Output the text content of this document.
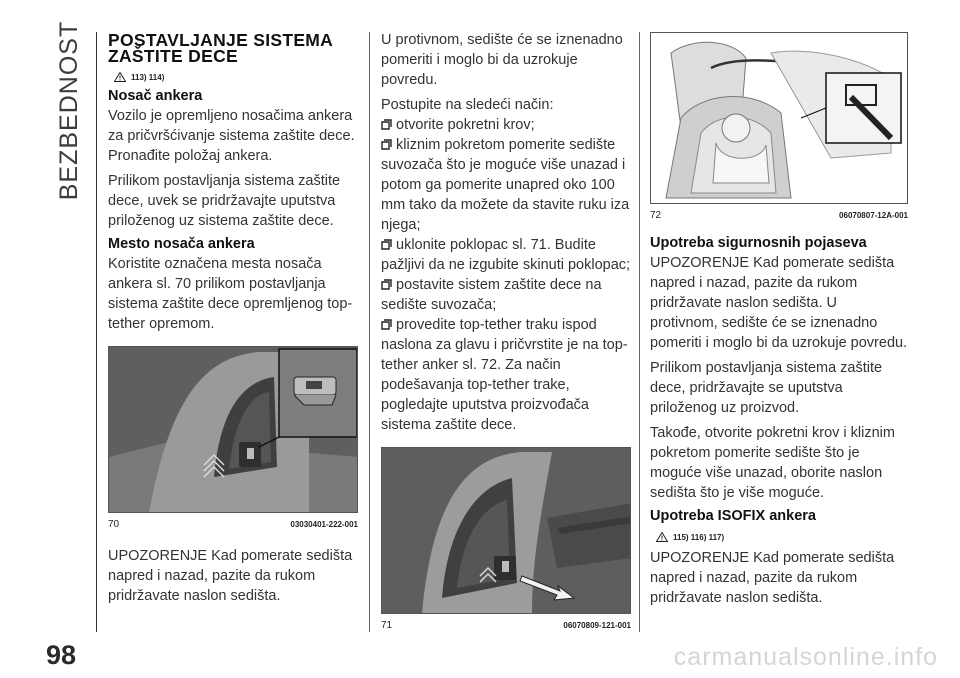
BEZBEDNOST
98	carmanualsonline.info
POSTAVLJANJE SISTEMA ZAŠTITE DECE
113) 114)
Nosač ankera

Vozilo je opremljeno nosačima ankera za pričvršćivanje sistema zaštite dece. Pronađite položaj ankera.

Prilikom postavljanja sistema zaštite dece, uvek se pridržavajte uputstva priloženog uz sistema zaštite dece.

Mesto nosača ankera

Koristite označena mesta nosača ankera sl. 70 prilikom postavljanja sistema zaštite dece opremljenog top-tether opremom.

70	03030401-222-001

UPOZORENJE Kad pomerate sedišta napred i nazad, pazite da rukom pridržavate naslon sedišta.

U protivnom, sedište će se iznenadno pomeriti i moglo bi da uzrokuje povredu.

Postupite na sledeći način:

otvorite pokretni krov;
kliznim pokretom pomerite sedište suvozača što je moguće više unazad i potom ga pomerite unapred oko 100 mm tako da možete da stavite ruku iza njega;
uklonite poklopac sl. 71. Budite pažljivi da ne izgubite skinuti poklopac;
postavite sistem zaštite dece na sedište suvozača;
provedite top-tether traku ispod naslona za glavu i pričvrstite je na top-tether anker sl. 72. Za način podešavanja top-tether trake, pogledajte uputstva proizvođača sistema zaštite dece.
71	06070809-121-001
72	06070807-12A-001
Upotreba sigurnosnih pojaseva

UPOZORENJE Kad pomerate sedišta napred i nazad, pazite da rukom pridržavate naslon sedišta. U protivnom, sedište će se iznenadno pomeriti i moglo bi da uzrokuje povredu.

Prilikom postavljanja sistema zaštite dece, pridržavajte se uputstva priloženog uz proizvod.

Takođe, otvorite pokretni krov i kliznim pokretom pomerite sedište što je moguće više unazad, oborite naslon sedišta što je više moguće.

Upotreba ISOFIX ankera
115) 116) 117)

UPOZORENJE Kad pomerate sedišta napred i nazad, pazite da rukom pridržavate naslon sedišta.
